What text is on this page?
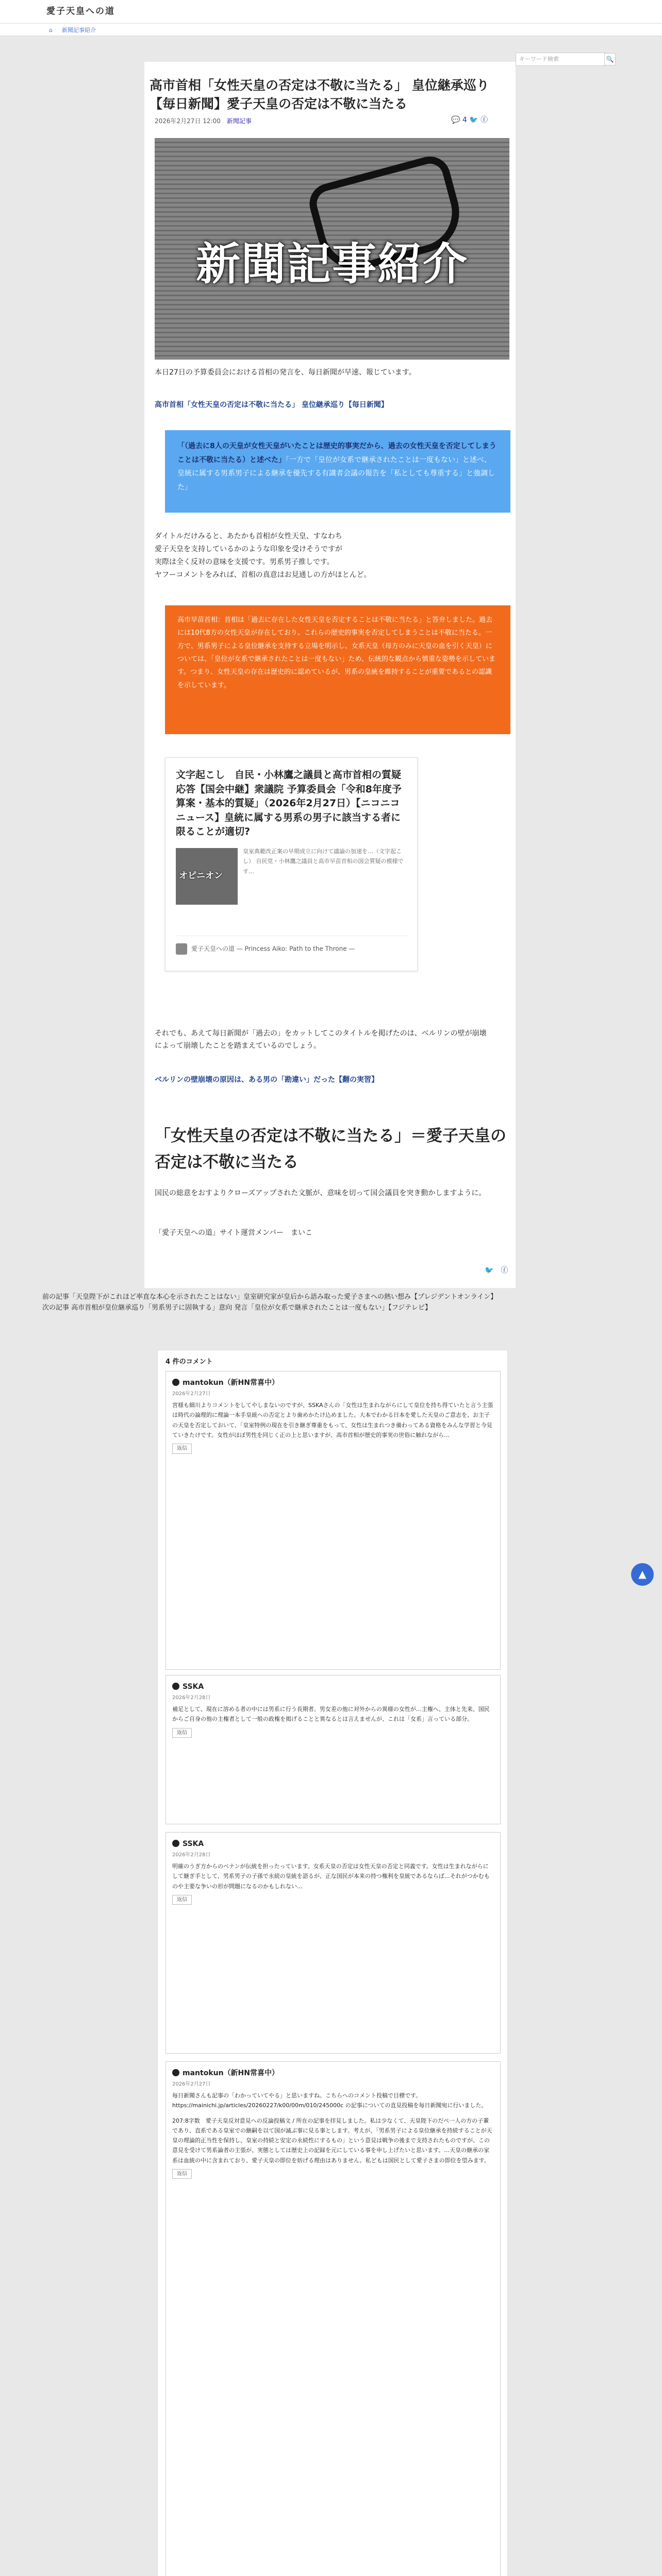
愛子天皇への道
⌂ 新聞記事紹介
キーワード検索	🔍
高市首相「女性天皇の否定は不敬に当たる」 皇位継承巡り【毎日新聞】愛子天皇の否定は不敬に当たる
2026年2月27日 12:00　 新聞記事	💬 4 🐦 ⓕ
新聞記事紹介

本日27日の予算委員会における首相の発言を、毎日新聞が早速、報じています。

高市首相「女性天皇の否定は不敬に当たる」 皇位継承巡り【毎日新聞】

「（過去に8人の天皇が女性天皇がいたことは歴史的事実だから、過去の女性天皇を否定してしまうことは不敬に当たる）と述べた」「一方で「皇位が女系で継承されたことは一度もない」と述べ、皇統に属する男系男子による継承を優先する有識者会議の報告を「私としても尊重する」と強調した」

ダイトルだけみると、あたかも首相が女性天皇、すなわち

愛子天皇を支持しているかのような印象を受けそうですが

実際は全く反対の意味を支援です。男系男子推しです。

ヤフーコメントをみれば、首相の真意はお見通しの方がほとんど。

高市早苗首相：首相は「過去に存在した女性天皇を否定することは不敬に当たる」と答弁しました。過去には10代8方の女性天皇が存在しており、これらの歴史的事実を否定してしまうことは不敬に当たる。一方で、男系男子による皇位継承を支持する立場を明示し、女系天皇（母方のみに天皇の血を引く天皇）については、「皇位が女系で継承されたことは一度もない」ため、伝統的な観点から慎重な姿勢を示しています。つまり、女性天皇の存在は歴史的に認めているが、男系の皇統を維持することが重要であるとの認識を示しています。
文字起こし　自民・小林鷹之議員と高市首相の質疑応答【国会中継】衆議院 予算委員会「令和8年度予算案・基本的質疑」（2026年2月27日）【ニコニコニュース】皇統に属する男系の男子に該当する者に限ることが適切?
オピニオン
皇室典範改正案の早期成立に向けて議論の加速を…（文字起こし） 自民党・小林鷹之議員と高市早苗首相の国会質疑の模様です…
愛子天皇への道 — Princess Aiko: Path to the Throne —

それでも、あえて毎日新聞が「過去の」をカットしてこのタイトルを掲げたのは、ベルリンの壁が崩壊によって崩壊したことを踏まえているのでしょう。

ベルリンの壁崩壊の原因は、ある男の「勘違い」だった【翻の実習】

「女性天皇の否定は不敬に当たる」＝愛子天皇の否定は不敬に当たる

国民の総意をおすよりクローズアップされた文脈が、意味を切って国会議員を突き動かしますように。

「愛子天皇への道」サイト運営メンバー　まいこ

🐦　ⓕ
前の記事「天皇陛下がこれほど率直な本心を示されたことはない」皇室研究家が皇后から語み取った愛子さまへの熱い想み【プレジデントオンライン】
次の記事 高市首相が皇位継承巡り「男系男子に固執する」意向 発言「皇位が女系で継承されたことは一度もない」【フジテレビ】
4 件のコメント
mantokun（新HN常喜中）
2026年2月27日
宮様も細川よりコメントをしてやしまないのですが、SSKAさんの「女性は生まれながらにして皇位を持ち得ていたと言う主張は時代の論理的に理論一本手皇統への否定とより歯めかたけ込めました。大本でわかる日本を愛した天皇のご意志を、お主子の天皇を否定しておいて、「皇室特例の現在を引き継ぎ尊重をもって、女性は生まれつき備わってある資格をみんな学習と今見ていきたけです。女性がほぼ男性を同じく正の上と思いますが、高市首相が歴史的事実の世俗に触れながら…
返信
SSKA
2026年2月28日
補足として、現在に溶める者の中には男系に行う長期者、男女差の他に対外からの異様の女性が…主権へ、主体と先来、国民からご自身の他の主権者として一般の政権を掲げることと異なるとは言えませんが、これは「女系」言っている部分。
返信
SSKA
2026年2月28日
明確のうぎ方からのペナンが伝統を担ったっています。女系天皇の否定は女性天皇の否定と同義です。女性は生まれながらにして継ぎ手として、男系男子の子孫で永続の皇統を語るが、正な国民が本来の持つ権利を皇統であるならば…それがつかむものや主要な争いの形が問題になるのかもしれない…
返信
mantokun（新HN常喜中）
2026年2月27日
毎日新聞さんも記事の「わかっていてやる」と思いますね。こちらへのコメント投稿で目標です。https://mainichi.jp/articles/20260227/k00/00m/010/245000c の記事についての直見投稿を毎日新聞宛に行いました。
207:8字数　愛子天皇反対意見への反論投稿文 / 所在の記事を拝見しました。私は少なくて、天皇陛下のだぺ一人の方の子輩であり、直系である皇室での継嗣を以て国が滅ぶ事に見る事とします。考えが、「男系男子による皇位継承を持続することが天皇の理論的正当性を保持し、皇室の持続と安定の永続性にするもの」という意見は戦争の後まで支持されたものですが、この意見を受けて男系論者の主張が、実態としては歴史上の記録を元にしている事を申し上げたいと思います。…天皇の継承の家系は血統の中に含まれており、愛子天皇の即位を妨げる理由はありません。私どもは国民として愛子さまの即位を望みます。
返信
▲
